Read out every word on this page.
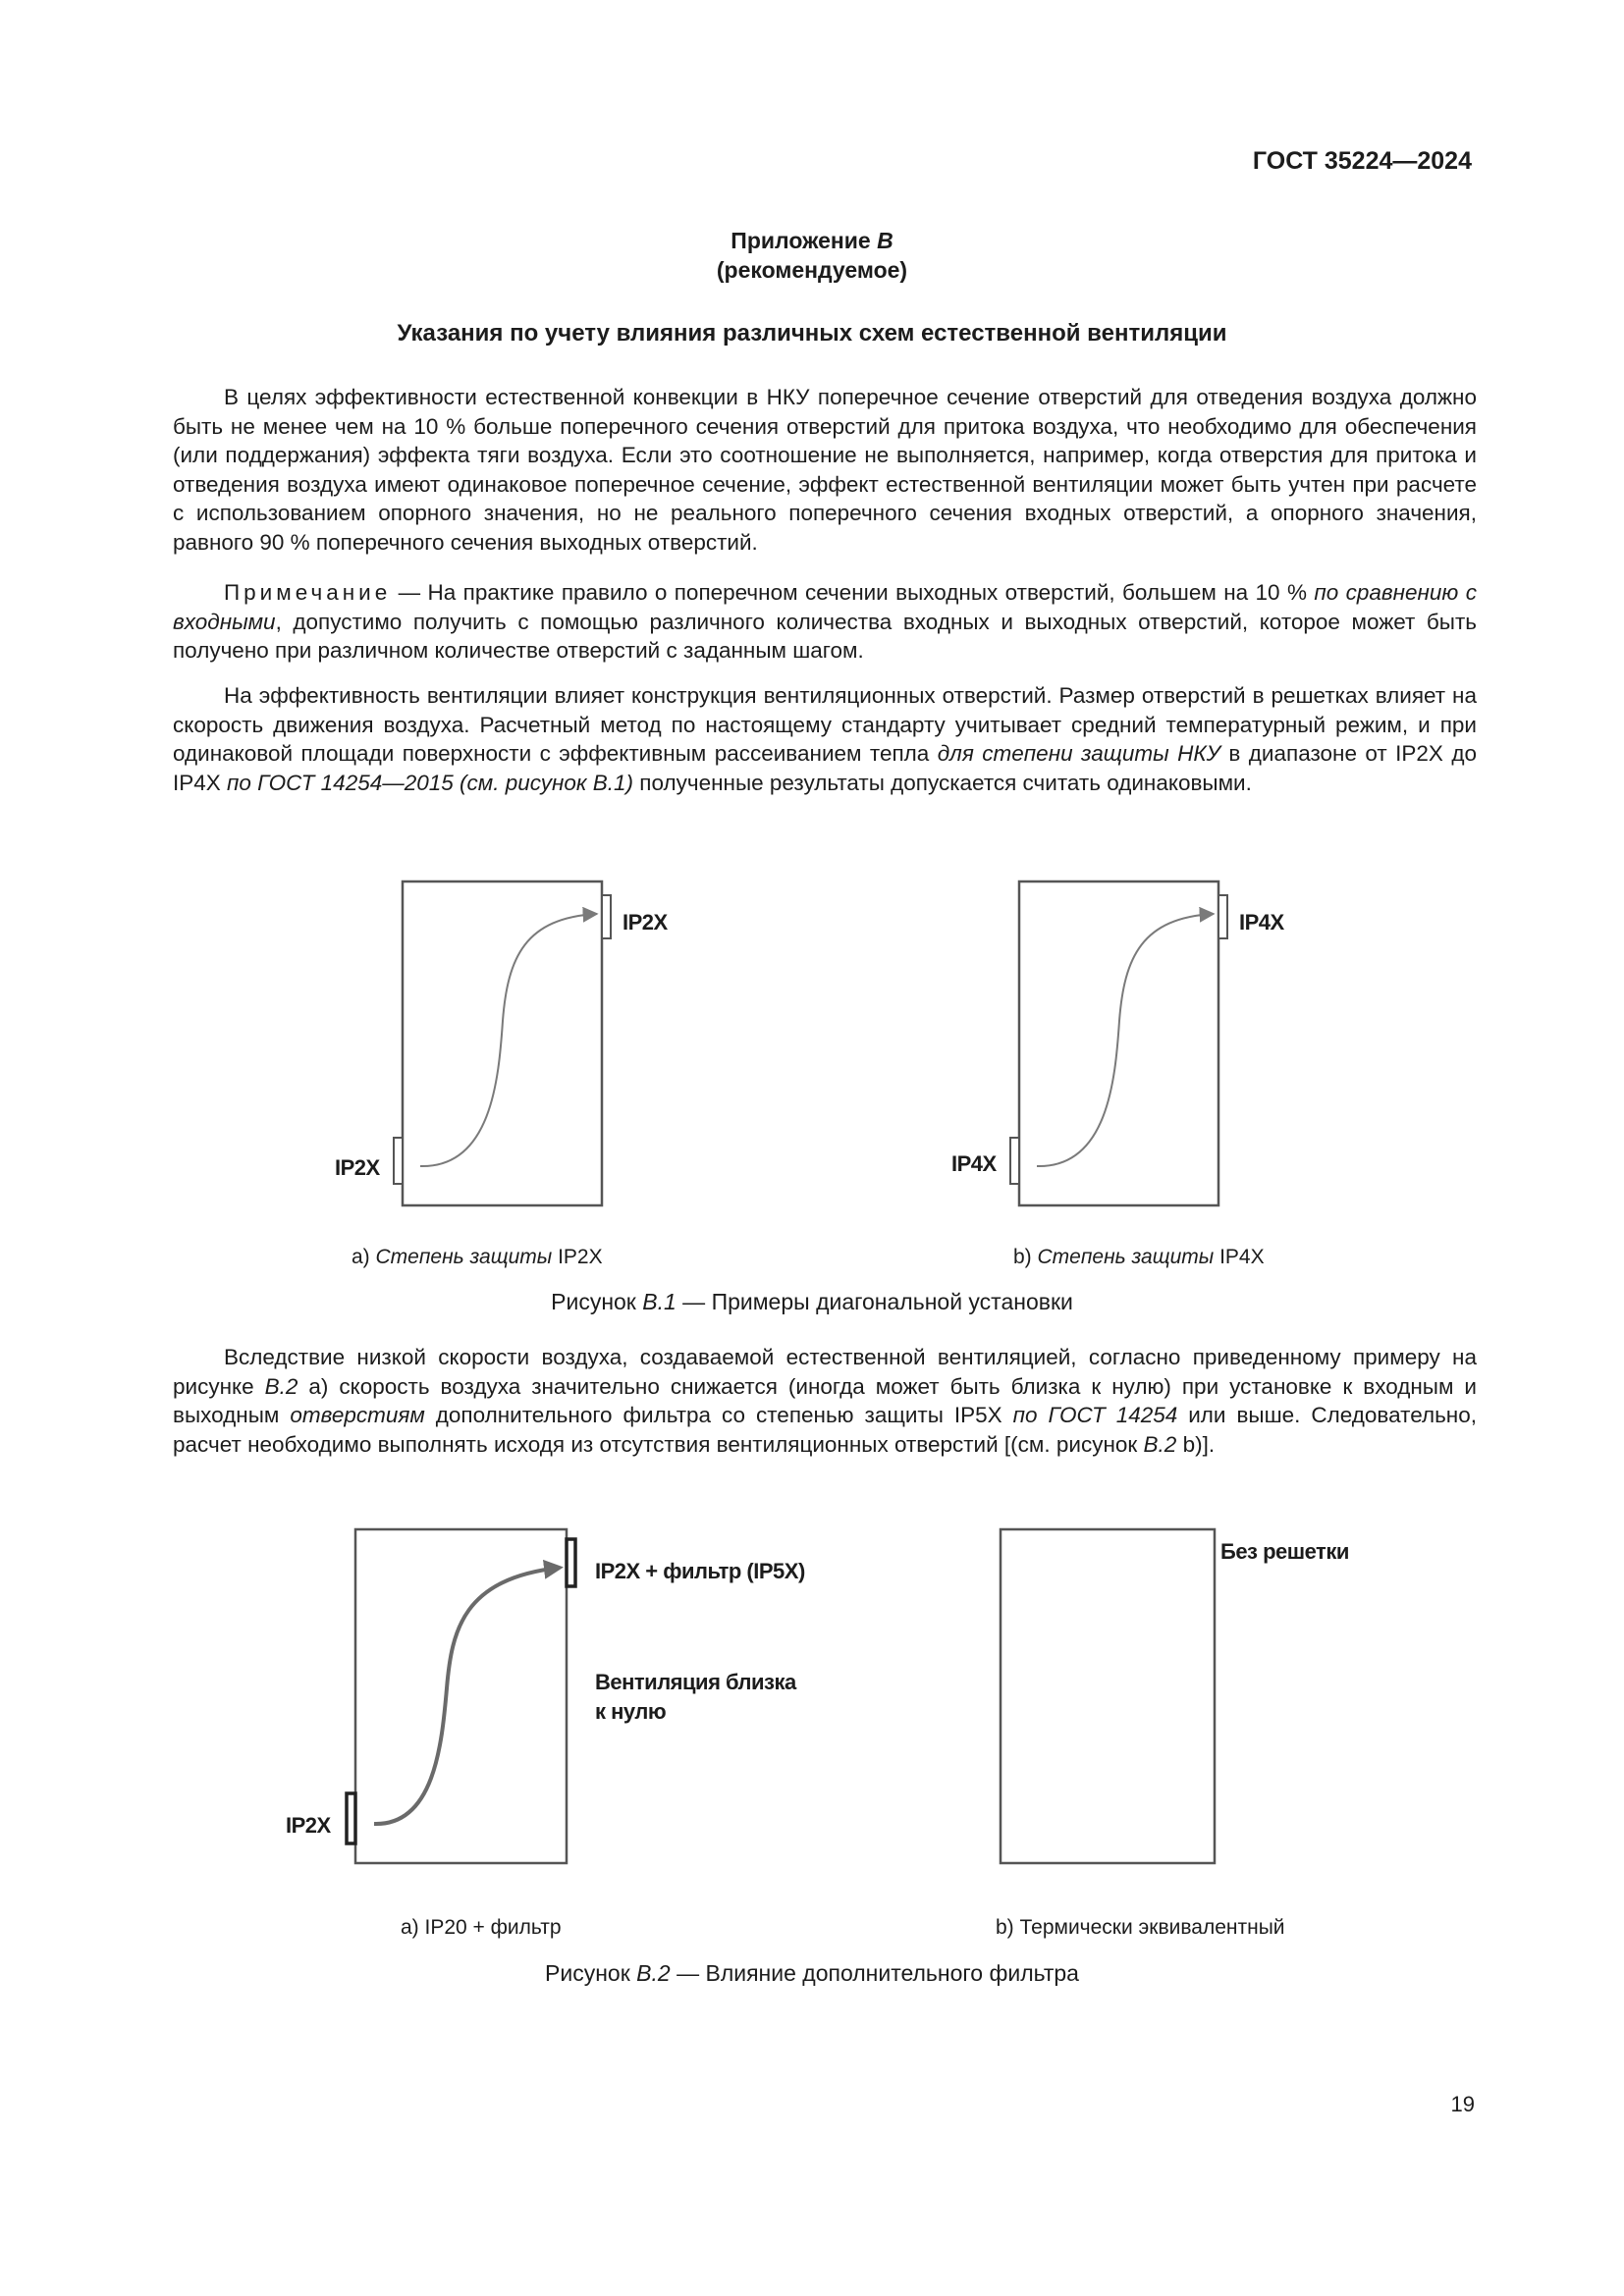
ГОСТ 35224—2024
Приложение В
(рекомендуемое)
Указания по учету влияния различных схем естественной вентиляции

В целях эффективности естественной конвекции в НКУ поперечное сечение отверстий для отведения воздуха должно быть не менее чем на 10 % больше поперечного сечения отверстий для притока воздуха, что необходимо для обеспечения (или поддержания) эффекта тяги воздуха. Если это соотношение не выполняется, например, когда отверстия для притока и отведения воздуха имеют одинаковое поперечное сечение, эффект естественной вентиляции может быть учтен при расчете с использованием опорного значения, но не реального поперечного сечения входных отверстий, а опорного значения, равного 90 % поперечного сечения выходных отверстий.

Примечание — На практике правило о поперечном сечении выходных отверстий, большем на 10 % по сравнению с входными, допустимо получить с помощью различного количества входных и выходных отверстий, которое может быть получено при различном количестве отверстий с заданным шагом.

На эффективность вентиляции влияет конструкция вентиляционных отверстий. Размер отверстий в решетках влияет на скорость движения воздуха. Расчетный метод по настоящему стандарту учитывает средний температурный режим, и при одинаковой площади поверхности с эффективным рассеиванием тепла для степени защиты НКУ в диапазоне от IP2X до IP4X по ГОСТ 14254—2015 (см. рисунок В.1) полученные результаты допускается считать одинаковыми.

IP2X
IP2X
IP4X
IP4X
IP2X + фильтр (IP5X)
IP2X
Вентиляция близка
к нулю
Без решетки
a) Степень защиты IP2X	b) Степень защиты IP4X
Рисунок В.1 — Примеры диагональной установки

Вследствие низкой скорости воздуха, создаваемой естественной вентиляцией, согласно приведенному примеру на рисунке В.2 а) скорость воздуха значительно снижается (иногда может быть близка к нулю) при установке к входным и выходным отверстиям дополнительного фильтра со степенью защиты IP5X по ГОСТ 14254 или выше. Следовательно, расчет необходимо выполнять исходя из отсутствия вентиляционных отверстий [(см. рисунок В.2 b)].

а) IP20 + фильтр	b) Термически эквивалентный
Рисунок В.2 — Влияние дополнительного фильтра
19
